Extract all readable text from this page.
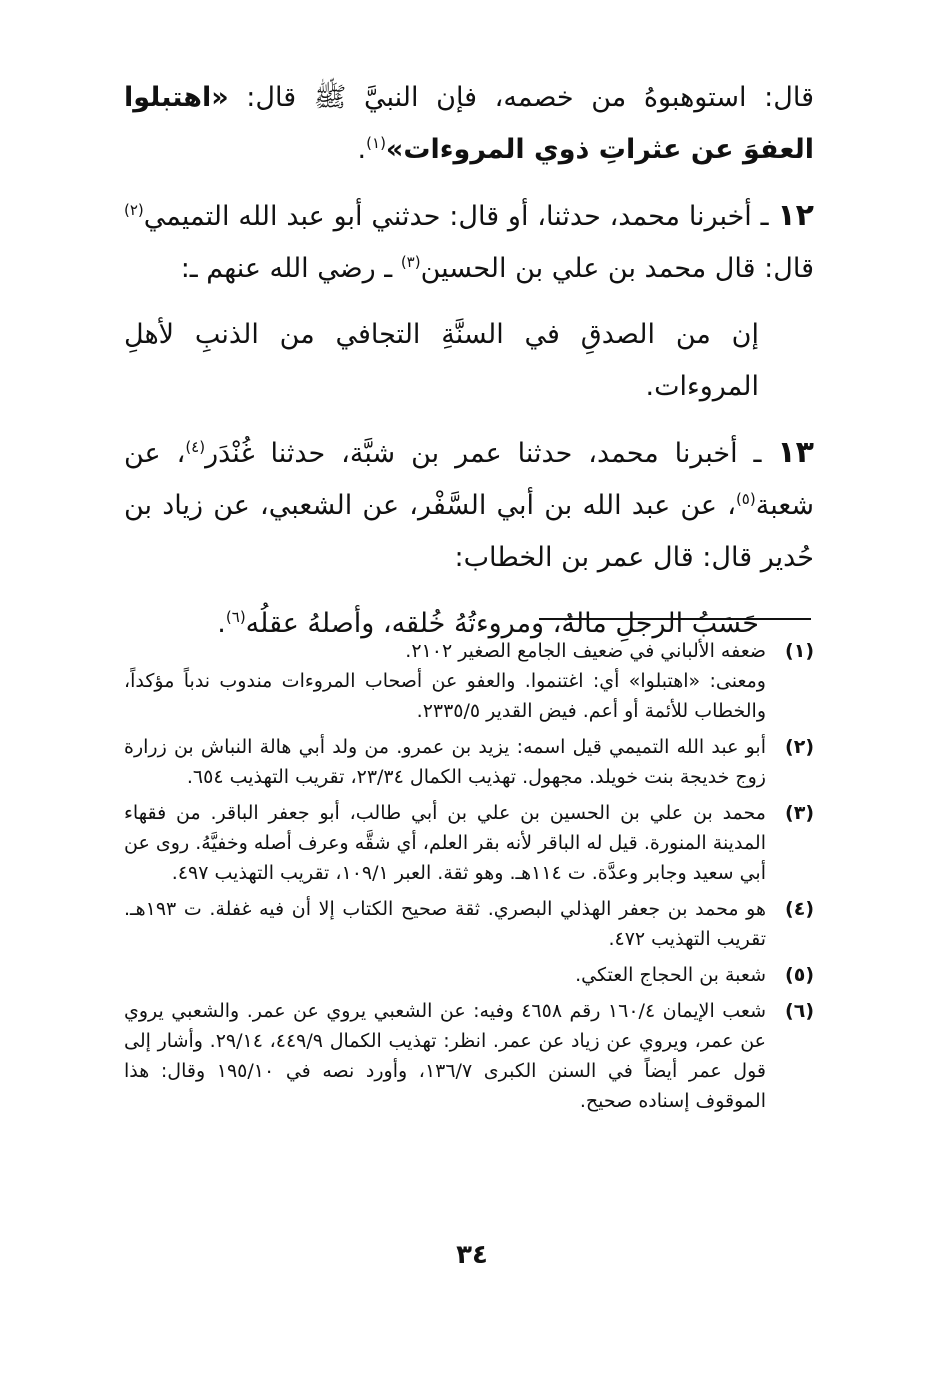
قال: استوهبوهُ من خصمه، فإن النبيَّ ﷺ قال: «اهتبلوا العفوَ عن عثراتِ ذوي المروءات»$^{(١)}$.

١٢ ـ أخبرنا محمد، حدثنا، أو قال: حدثني أبو عبد الله التميمي$^{(٢)}$ قال: قال محمد بن علي بن الحسين$^{(٣)}$ ـ رضي الله عنهم ـ:

إن من الصدقِ في السنَّةِ التجافي من الذنبِ لأهلِ المروءات.

١٣ ـ أخبرنا محمد، حدثنا عمر بن شبَّة، حدثنا غُنْدَر$^{(٤)}$، عن شعبة$^{(٥)}$، عن عبد الله بن أبي السَّفْر، عن الشعبي، عن زياد بن حُدير قال: قال عمر بن الخطاب:

حَسَبُ الرجلِ مالهُ، ومروءتُهُ خُلقه، وأصلهُ عقلُه$^{(٦)}$.

(١)

ضعفه الألباني في ضعيف الجامع الصغير ٢١٠٢.

ومعنى: «اهتبلوا» أي: اغتنموا. والعفو عن أصحاب المروءات مندوب ندباً مؤكداً، والخطاب للأئمة أو أعم. فيض القدير ٢٣٣٥/٥.

(٢)

أبو عبد الله التميمي قيل اسمه: يزيد بن عمرو. من ولد أبي هالة النباش بن زرارة زوج خديجة بنت خويلد. مجهول. تهذيب الكمال ٢٣/٣٤، تقريب التهذيب ٦٥٤.

(٣)

محمد بن علي بن الحسين بن علي بن أبي طالب، أبو جعفر الباقر. من فقهاء المدينة المنورة. قيل له الباقر لأنه بقر العلم، أي شقَّه وعرف أصله وخفيَّهُ. روى عن أبي سعيد وجابر وعدَّة. ت ١١٤هـ. وهو ثقة. العبر ١٠٩/١، تقريب التهذيب ٤٩٧.

(٤)

هو محمد بن جعفر الهذلي البصري. ثقة صحيح الكتاب إلا أن فيه غفلة. ت ١٩٣هـ. تقريب التهذيب ٤٧٢.

(٥)

شعبة بن الحجاج العتكي.

(٦)

شعب الإيمان ١٦٠/٤ رقم ٤٦٥٨ وفيه: عن الشعبي يروي عن عمر. والشعبي يروي عن عمر، ويروي عن زياد عن عمر. انظر: تهذيب الكمال ٤٤٩/٩، ٢٩/١٤. وأشار إلى قول عمر أيضاً في السنن الكبرى ١٣٦/٧، وأورد نصه في ١٩٥/١٠ وقال: هذا الموقوف إسناده صحيح.

٣٤
